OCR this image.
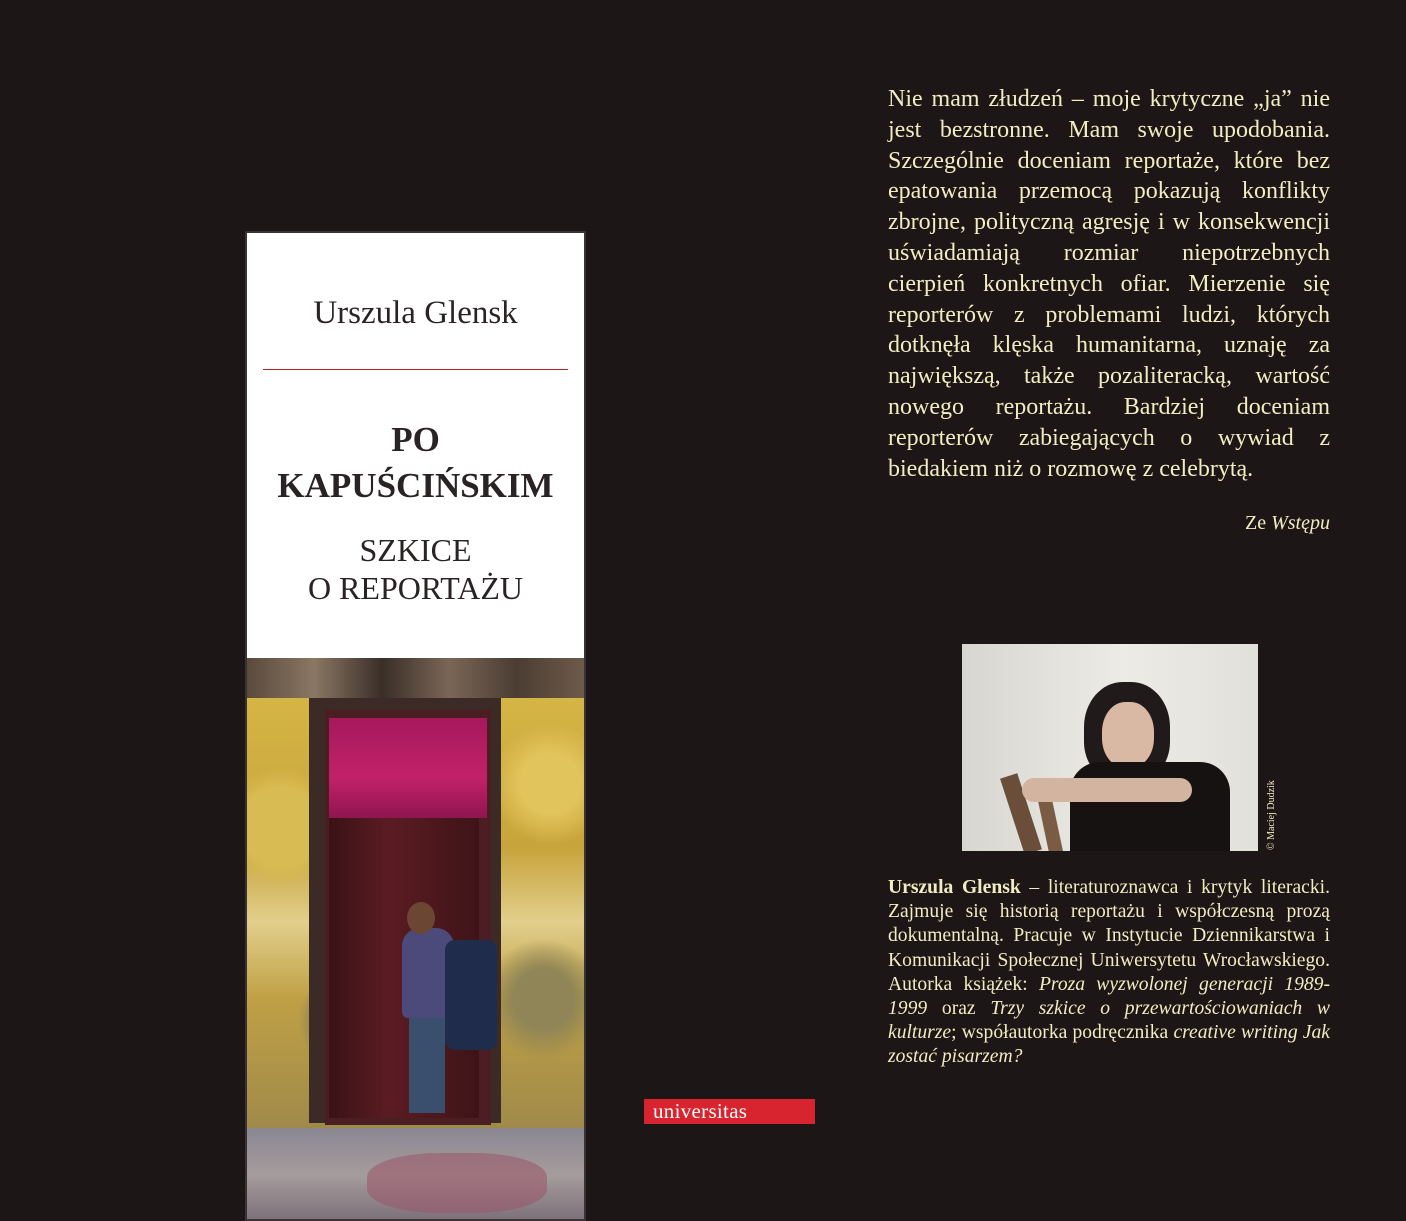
Urszula Glensk
PO
KAPUŚCIŃSKIM
SZKICE
O REPORTAŻU
universitas

Nie mam złudzeń – moje krytyczne „ja” nie jest bezstronne. Mam swoje upodobania. Szczególnie doceniam reportaże, które bez epatowania przemocą pokazują konflikty zbrojne, polityczną agresję i w konsekwencji uświadamiają rozmiar niepotrzebnych cierpień konkretnych ofiar. Mierzenie się reporterów z problemami ludzi, których dotknęła klęska humanitarna, uznaję za największą, także pozaliteracką, wartość nowego reportażu. Bardziej doceniam reporterów zabiegających o wywiad z biedakiem niż o rozmowę z celebrytą.

Ze Wstępu
© Maciej Dudzik

Urszula Glensk – literaturoznawca i krytyk literacki. Zajmuje się historią reportażu i współczesną prozą dokumentalną. Pracuje w Instytucie Dziennikarstwa i Komunikacji Społecznej Uniwersytetu Wrocławskiego. Autorka książek: Proza wyzwolonej generacji 1989-1999 oraz Trzy szkice o przewartościowaniach w kulturze; współautorka podręcznika creative writing Jak zostać pisarzem?
